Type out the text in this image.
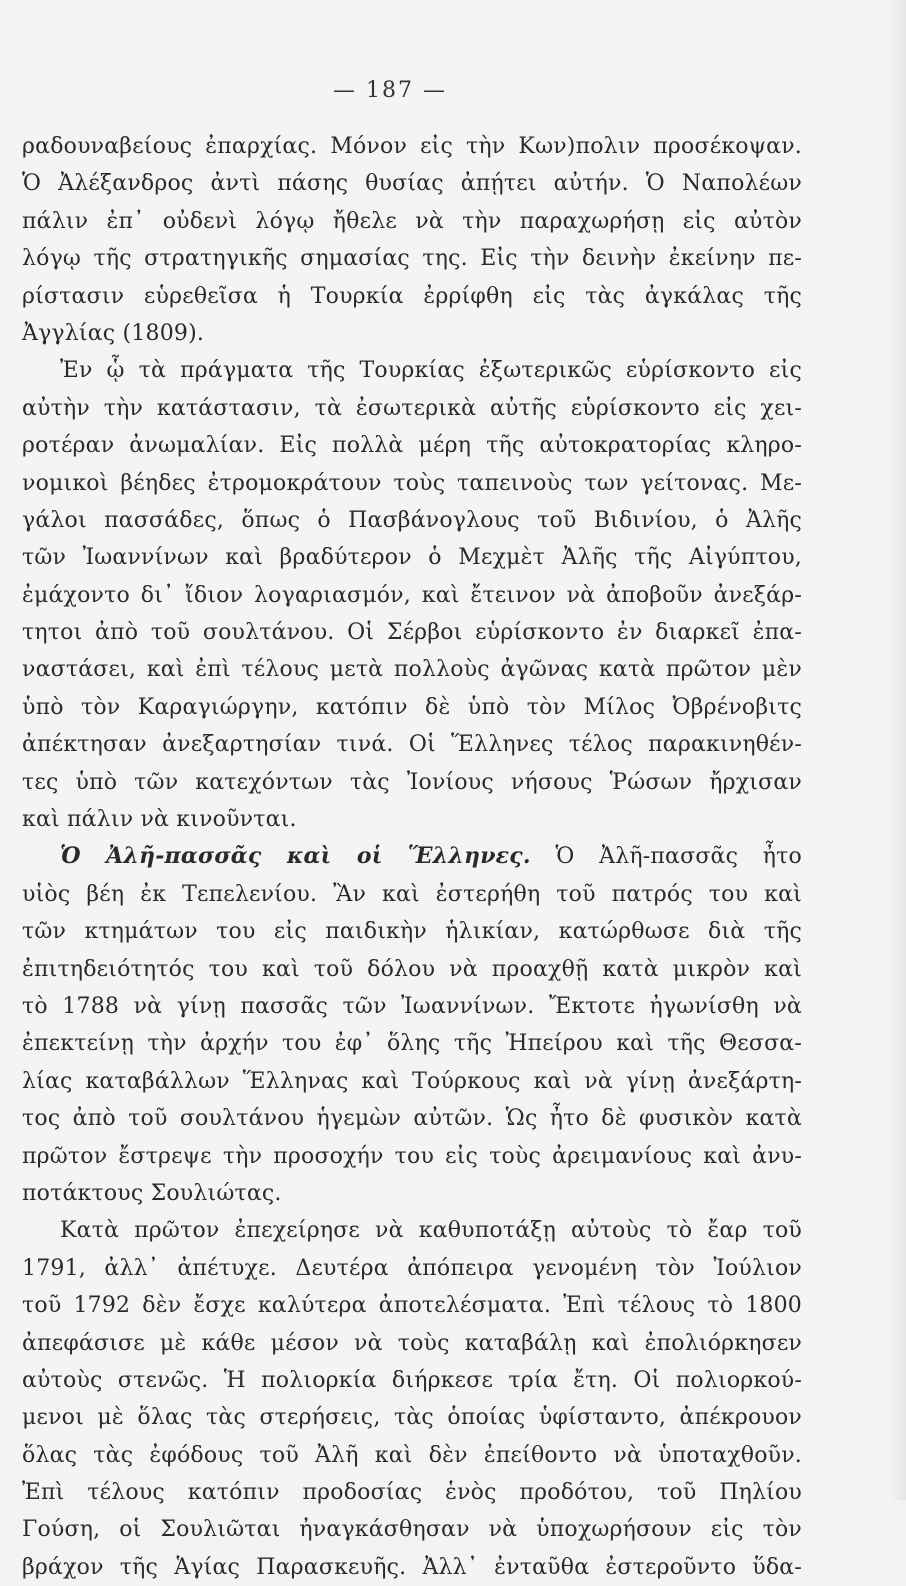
— 187 —
ραδουναβείους ἐπαρχίας. Μόνον εἰς τὴν Κων)πολιν προσέκοψαν.
Ὁ Ἀλέξανδρος ἀντὶ πάσης θυσίας ἀπῄτει αὐτήν. Ὁ Ναπολέων
πάλιν ἐπ᾽ οὐδενὶ λόγῳ ἤθελε νὰ τὴν παραχωρήσῃ εἰς αὐτὸν
λόγῳ τῆς στρατηγικῆς σημασίας της. Εἰς τὴν δεινὴν ἐκείνην πε-
ρίστασιν εὑρεθεῖσα ἡ Τουρκία ἐρρίφθη εἰς τὰς ἀγκάλας τῆς
Ἀγγλίας (1809).
Ἐν ᾧ τὰ πράγματα τῆς Τουρκίας ἐξωτερικῶς εὑρίσκοντο εἰς
αὐτὴν τὴν κατάστασιν, τὰ ἐσωτερικὰ αὐτῆς εὑρίσκοντο εἰς χει-
ροτέραν ἀνωμαλίαν. Εἰς πολλὰ μέρη τῆς αὐτοκρατορίας κληρο-
νομικοὶ βέηδες ἐτρομοκράτουν τοὺς ταπεινοὺς των γείτονας. Με-
γάλοι πασσάδες, ὅπως ὁ Πασβάνογλους τοῦ Βιδινίου, ὁ Ἀλῆς
τῶν Ἰωαννίνων καὶ βραδύτερον ὁ Μεχμὲτ Ἀλῆς τῆς Αἰγύπτου,
ἐμάχοντο δι᾽ ἴδιον λογαριασμόν, καὶ ἔτεινον νὰ ἀποβοῦν ἀνεξάρ-
τητοι ἀπὸ τοῦ σουλτάνου. Οἱ Σέρβοι εὑρίσκοντο ἐν διαρκεῖ ἐπα-
ναστάσει, καὶ ἐπὶ τέλους μετὰ πολλοὺς ἀγῶνας κατὰ πρῶτον μὲν
ὑπὸ τὸν Καραγιώργην, κατόπιν δὲ ὑπὸ τὸν Μίλος Ὀβρένοβιτς
ἀπέκτησαν ἀνεξαρτησίαν τινά. Οἱ Ἕλληνες τέλος παρακινηθέν-
τες ὑπὸ τῶν κατεχόντων τὰς Ἰονίους νήσους Ῥώσων ἤρχισαν
καὶ πάλιν νὰ κινοῦνται.
Ὁ Ἀλῆ-πασσᾶς καὶ οἱ Ἕλληνες. Ὁ Ἀλῆ-πασσᾶς ἦτο
υἱὸς βέη ἐκ Τεπελενίου. Ἂν καὶ ἐστερήθη τοῦ πατρός του καὶ
τῶν κτημάτων του εἰς παιδικὴν ἡλικίαν, κατώρθωσε διὰ τῆς
ἐπιτηδειότητός του καὶ τοῦ δόλου νὰ προαχθῇ κατὰ μικρὸν καὶ
τὸ 1788 νὰ γίνῃ πασσᾶς τῶν Ἰωαννίνων. Ἔκτοτε ἠγωνίσθη νὰ
ἐπεκτείνῃ τὴν ἀρχήν του ἐφ᾽ ὅλης τῆς Ἠπείρου καὶ τῆς Θεσσα-
λίας καταβάλλων Ἕλληνας καὶ Τούρκους καὶ νὰ γίνῃ ἀνεξάρτη-
τος ἀπὸ τοῦ σουλτάνου ἡγεμὼν αὐτῶν. Ὡς ἦτο δὲ φυσικὸν κατὰ
πρῶτον ἔστρεψε τὴν προσοχήν του εἰς τοὺς ἀρειμανίους καὶ ἀνυ-
ποτάκτους Σουλιώτας.
Κατὰ πρῶτον ἐπεχείρησε νὰ καθυποτάξῃ αὐτοὺς τὸ ἔαρ τοῦ
1791, ἀλλ᾽ ἀπέτυχε. Δευτέρα ἀπόπειρα γενομένη τὸν Ἰούλιον
τοῦ 1792 δὲν ἔσχε καλύτερα ἀποτελέσματα. Ἐπὶ τέλους τὸ 1800
ἀπεφάσισε μὲ κάθε μέσον νὰ τοὺς καταβάλῃ καὶ ἐπολιόρκησεν
αὐτοὺς στενῶς. Ἡ πολιορκία διήρκεσε τρία ἔτη. Οἱ πολιορκού-
μενοι μὲ ὅλας τὰς στερήσεις, τὰς ὁποίας ὑφίσταντο, ἀπέκρουον
ὅλας τὰς ἐφόδους τοῦ Ἀλῆ καὶ δὲν ἐπείθοντο νὰ ὑποταχθοῦν.
Ἐπὶ τέλους κατόπιν προδοσίας ἑνὸς προδότου, τοῦ Πηλίου
Γούση, οἱ Σουλιῶται ἠναγκάσθησαν νὰ ὑποχωρήσουν εἰς τὸν
βράχον τῆς Ἁγίας Παρασκευῆς. Ἀλλ᾽ ἐνταῦθα ἐστεροῦντο ὕδα-
